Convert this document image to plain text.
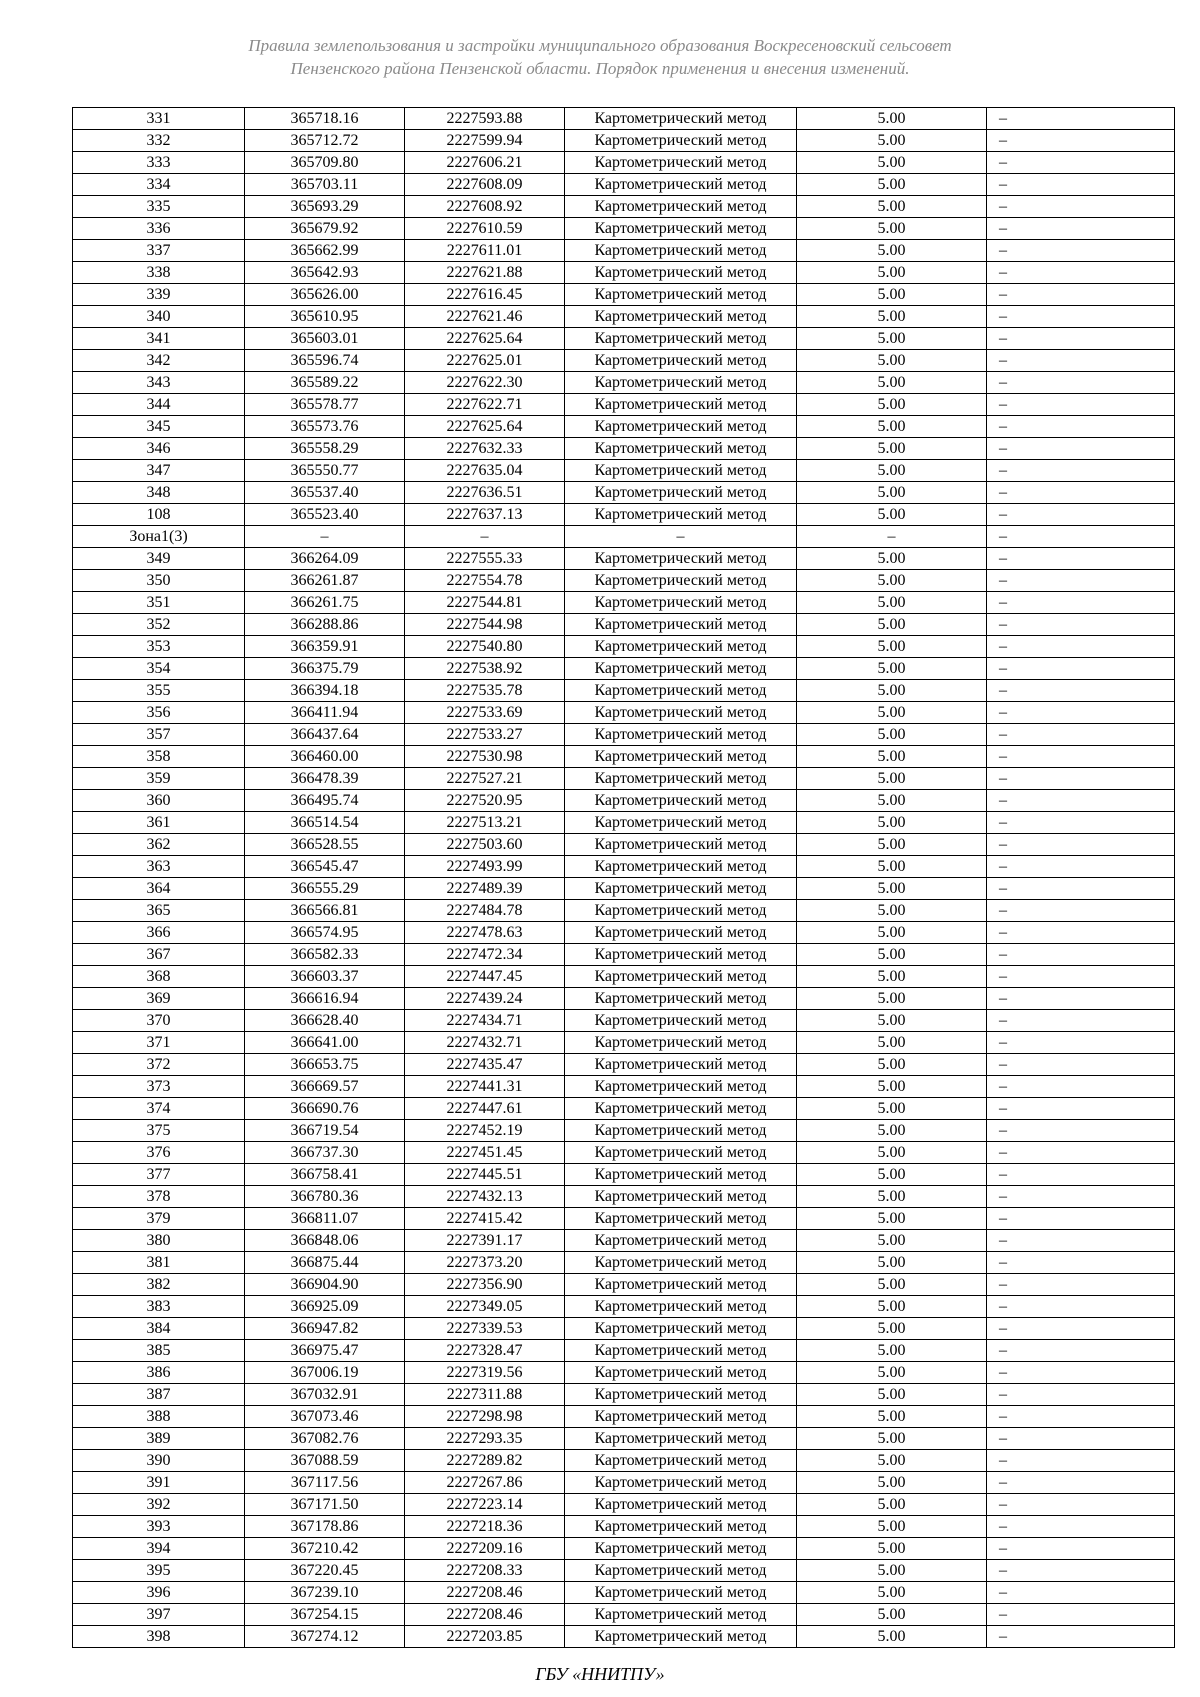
Правила землепользования и застройки муниципального образования Воскресеновский сельсовет
Пензенского района Пензенской области. Порядок применения и внесения изменений.
331	365718.16	2227593.88	Картометрический метод	5.00	–
332	365712.72	2227599.94	Картометрический метод	5.00	–
333	365709.80	2227606.21	Картометрический метод	5.00	–
334	365703.11	2227608.09	Картометрический метод	5.00	–
335	365693.29	2227608.92	Картометрический метод	5.00	–
336	365679.92	2227610.59	Картометрический метод	5.00	–
337	365662.99	2227611.01	Картометрический метод	5.00	–
338	365642.93	2227621.88	Картометрический метод	5.00	–
339	365626.00	2227616.45	Картометрический метод	5.00	–
340	365610.95	2227621.46	Картометрический метод	5.00	–
341	365603.01	2227625.64	Картометрический метод	5.00	–
342	365596.74	2227625.01	Картометрический метод	5.00	–
343	365589.22	2227622.30	Картометрический метод	5.00	–
344	365578.77	2227622.71	Картометрический метод	5.00	–
345	365573.76	2227625.64	Картометрический метод	5.00	–
346	365558.29	2227632.33	Картометрический метод	5.00	–
347	365550.77	2227635.04	Картометрический метод	5.00	–
348	365537.40	2227636.51	Картометрический метод	5.00	–
108	365523.40	2227637.13	Картометрический метод	5.00	–
Зона1(3)	–	–	–	–	–
349	366264.09	2227555.33	Картометрический метод	5.00	–
350	366261.87	2227554.78	Картометрический метод	5.00	–
351	366261.75	2227544.81	Картометрический метод	5.00	–
352	366288.86	2227544.98	Картометрический метод	5.00	–
353	366359.91	2227540.80	Картометрический метод	5.00	–
354	366375.79	2227538.92	Картометрический метод	5.00	–
355	366394.18	2227535.78	Картометрический метод	5.00	–
356	366411.94	2227533.69	Картометрический метод	5.00	–
357	366437.64	2227533.27	Картометрический метод	5.00	–
358	366460.00	2227530.98	Картометрический метод	5.00	–
359	366478.39	2227527.21	Картометрический метод	5.00	–
360	366495.74	2227520.95	Картометрический метод	5.00	–
361	366514.54	2227513.21	Картометрический метод	5.00	–
362	366528.55	2227503.60	Картометрический метод	5.00	–
363	366545.47	2227493.99	Картометрический метод	5.00	–
364	366555.29	2227489.39	Картометрический метод	5.00	–
365	366566.81	2227484.78	Картометрический метод	5.00	–
366	366574.95	2227478.63	Картометрический метод	5.00	–
367	366582.33	2227472.34	Картометрический метод	5.00	–
368	366603.37	2227447.45	Картометрический метод	5.00	–
369	366616.94	2227439.24	Картометрический метод	5.00	–
370	366628.40	2227434.71	Картометрический метод	5.00	–
371	366641.00	2227432.71	Картометрический метод	5.00	–
372	366653.75	2227435.47	Картометрический метод	5.00	–
373	366669.57	2227441.31	Картометрический метод	5.00	–
374	366690.76	2227447.61	Картометрический метод	5.00	–
375	366719.54	2227452.19	Картометрический метод	5.00	–
376	366737.30	2227451.45	Картометрический метод	5.00	–
377	366758.41	2227445.51	Картометрический метод	5.00	–
378	366780.36	2227432.13	Картометрический метод	5.00	–
379	366811.07	2227415.42	Картометрический метод	5.00	–
380	366848.06	2227391.17	Картометрический метод	5.00	–
381	366875.44	2227373.20	Картометрический метод	5.00	–
382	366904.90	2227356.90	Картометрический метод	5.00	–
383	366925.09	2227349.05	Картометрический метод	5.00	–
384	366947.82	2227339.53	Картометрический метод	5.00	–
385	366975.47	2227328.47	Картометрический метод	5.00	–
386	367006.19	2227319.56	Картометрический метод	5.00	–
387	367032.91	2227311.88	Картометрический метод	5.00	–
388	367073.46	2227298.98	Картометрический метод	5.00	–
389	367082.76	2227293.35	Картометрический метод	5.00	–
390	367088.59	2227289.82	Картометрический метод	5.00	–
391	367117.56	2227267.86	Картометрический метод	5.00	–
392	367171.50	2227223.14	Картометрический метод	5.00	–
393	367178.86	2227218.36	Картометрический метод	5.00	–
394	367210.42	2227209.16	Картометрический метод	5.00	–
395	367220.45	2227208.33	Картометрический метод	5.00	–
396	367239.10	2227208.46	Картометрический метод	5.00	–
397	367254.15	2227208.46	Картометрический метод	5.00	–
398	367274.12	2227203.85	Картометрический метод	5.00	–
ГБУ «ННИТПУ»
